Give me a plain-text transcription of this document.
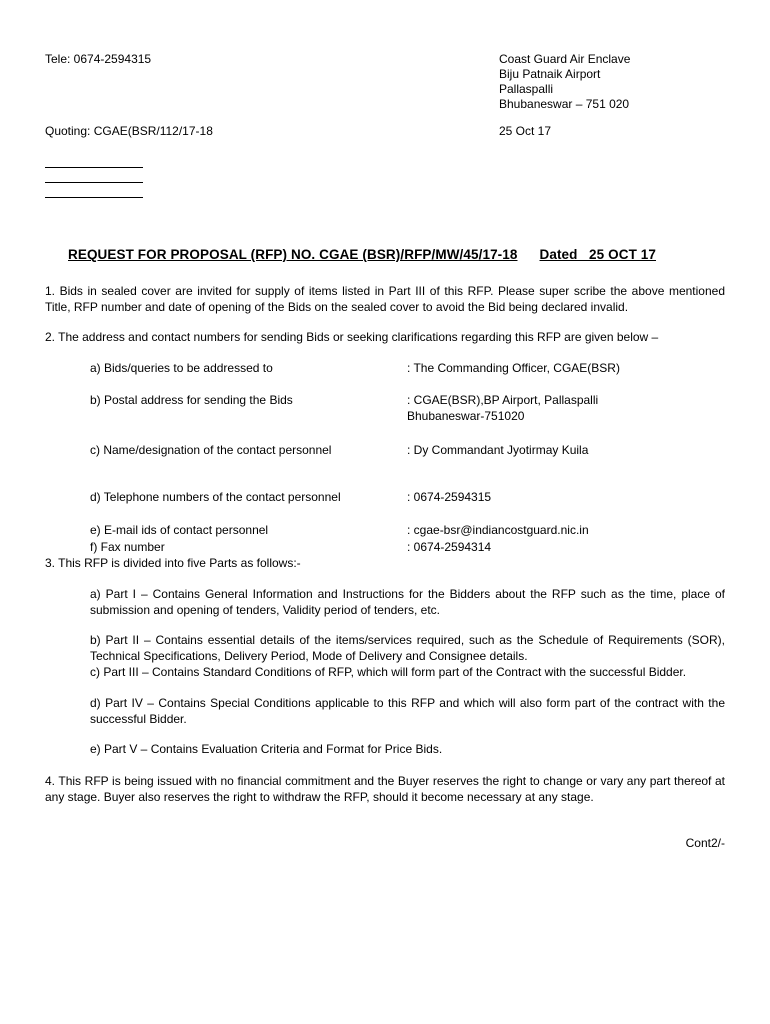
Tele: 0674-2594315	Coast Guard Air Enclave
Biju Patnaik Airport
Pallaspalli
Bhubaneswar – 751 020
Quoting: CGAE(BSR/112/17-18	25 Oct 17
REQUEST FOR PROPOSAL (RFP) NO. CGAE (BSR)/RFP/MW/45/17-18 Dated   25 OCT 17
1. Bids in sealed cover are invited for supply of items listed in Part III of this RFP. Please super scribe the above mentioned Title, RFP number and date of opening of the Bids on the sealed cover to avoid the Bid being declared invalid.
2. The address and contact numbers for sending Bids or seeking clarifications regarding this RFP are given below –
a) Bids/queries to be addressed to	: The Commanding Officer, CGAE(BSR)
b) Postal address for sending the Bids	: CGAE(BSR),BP Airport, Pallaspalli
Bhubaneswar-751020
c) Name/designation of the contact personnel	: Dy Commandant Jyotirmay Kuila
d) Telephone numbers of the contact personnel	: 0674-2594315
e) E-mail ids of contact personnel	: cgae-bsr@indiancostguard.nic.in
f) Fax number	: 0674-2594314
3. This RFP is divided into five Parts as follows:-
a) Part I – Contains General Information and Instructions for the Bidders about the RFP such as the time, place of submission and opening of tenders, Validity period of tenders, etc.
b) Part II – Contains essential details of the items/services required, such as the Schedule of Requirements (SOR), Technical Specifications, Delivery Period, Mode of Delivery and Consignee details.
c) Part III – Contains Standard Conditions of RFP, which will form part of the Contract with the successful Bidder.
d) Part IV – Contains Special Conditions applicable to this RFP and which will also form part of the contract with the successful Bidder.
e) Part V – Contains Evaluation Criteria and Format for Price Bids.
4. This RFP is being issued with no financial commitment and the Buyer reserves the right to change or vary any part thereof at any stage. Buyer also reserves the right to withdraw the RFP, should it become necessary at any stage.
Cont2/-
